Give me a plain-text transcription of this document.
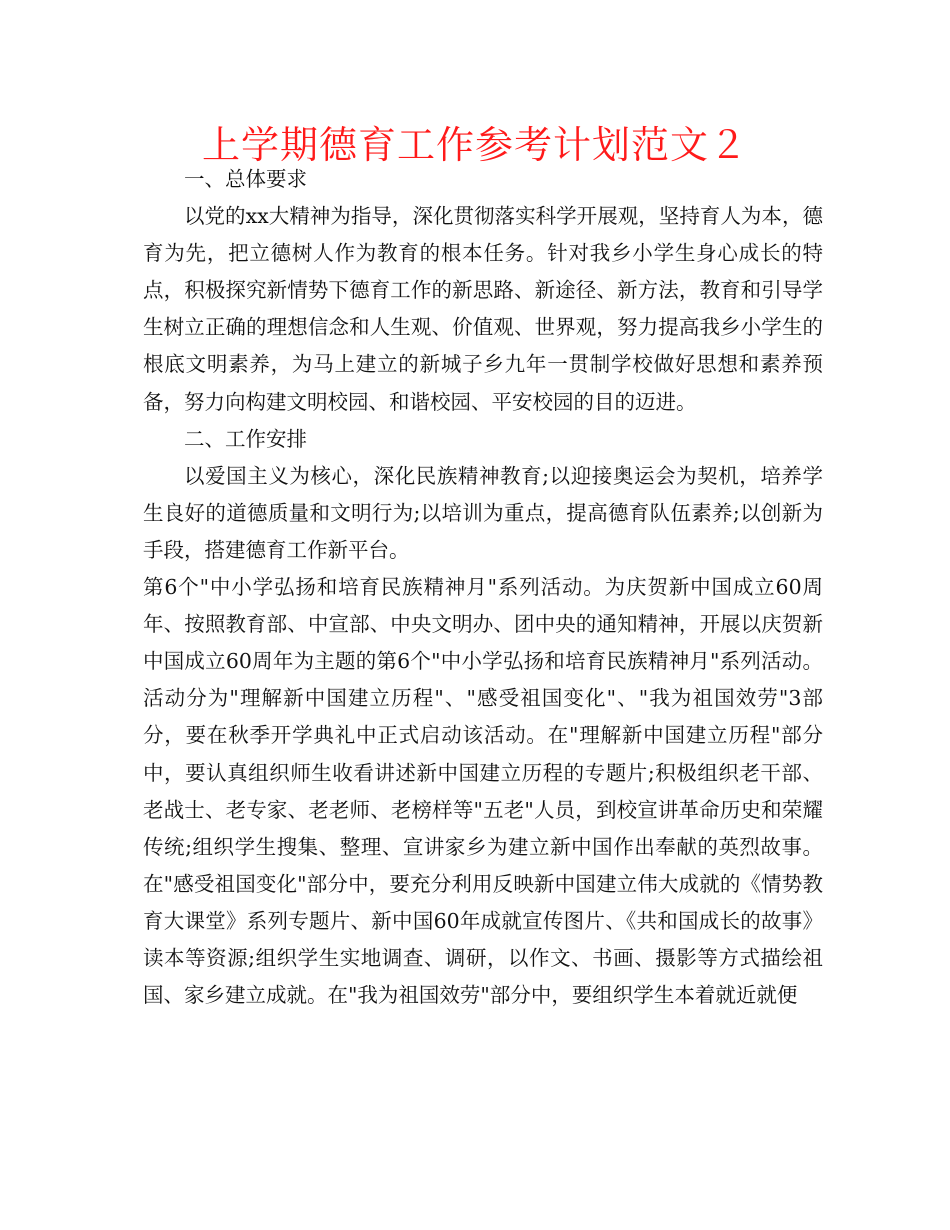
上学期德育工作参考计划范文２

一、总体要求

以党的xx大精神为指导，深化贯彻落实科学开展观，坚持育人为本，德育为先，把立德树人作为教育的根本任务。针对我乡小学生身心成长的特点，积极探究新情势下德育工作的新思路、新途径、新方法，教育和引导学生树立正确的理想信念和人生观、价值观、世界观，努力提高我乡小学生的根底文明素养，为马上建立的新城子乡九年一贯制学校做好思想和素养预备，努力向构建文明校园、和谐校园、平安校园的目的迈进。

二、工作安排

以爱国主义为核心，深化民族精神教育;以迎接奥运会为契机，培养学生良好的道德质量和文明行为;以培训为重点，提高德育队伍素养;以创新为手段，搭建德育工作新平台。

第6个"中小学弘扬和培育民族精神月"系列活动。为庆贺新中国成立60周年、按照教育部、中宣部、中央文明办、团中央的通知精神，开展以庆贺新中国成立60周年为主题的第6个"中小学弘扬和培育民族精神月"系列活动。活动分为"理解新中国建立历程"、"感受祖国变化"、"我为祖国效劳"3部分，要在秋季开学典礼中正式启动该活动。在"理解新中国建立历程"部分中，要认真组织师生收看讲述新中国建立历程的专题片;积极组织老干部、老战士、老专家、老老师、老榜样等"五老"人员，到校宣讲革命历史和荣耀传统;组织学生搜集、整理、宣讲家乡为建立新中国作出奉献的英烈故事。在"感受祖国变化"部分中，要充分利用反映新中国建立伟大成就的《情势教育大课堂》系列专题片、新中国60年成就宣传图片、《共和国成长的故事》读本等资源;组织学生实地调查、调研，以作文、书画、摄影等方式描绘祖国、家乡建立成就。在"我为祖国效劳"部分中，要组织学生本着就近就便
